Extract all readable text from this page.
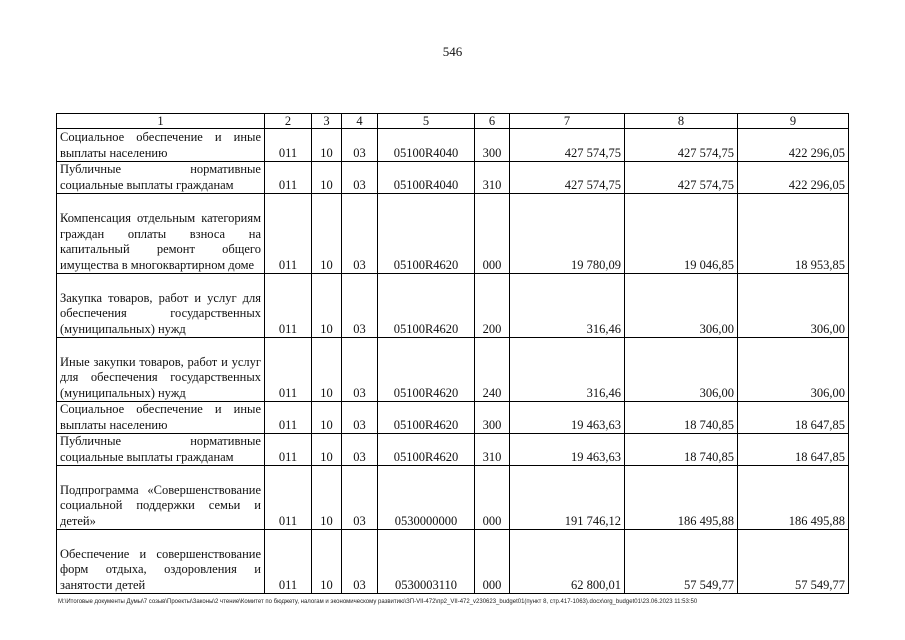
546
1	2	3	4	5	6	7	8	9
Социальное обеспечение и иные выплаты населению	011	10	03	05100R4040	300	427 574,75	427 574,75	422 296,05
Публичные нормативные социальные выплаты гражданам	011	10	03	05100R4040	310	427 574,75	427 574,75	422 296,05
Компенсация отдельным категориям граждан оплаты взноса на капитальный ремонт общего имущества в многоквартирном доме	011	10	03	05100R4620	000	19 780,09	19 046,85	18 953,85
Закупка товаров, работ и услуг для обеспечения государственных (муниципальных) нужд	011	10	03	05100R4620	200	316,46	306,00	306,00
Иные закупки товаров, работ и услуг для обеспечения государственных (муниципальных) нужд	011	10	03	05100R4620	240	316,46	306,00	306,00
Социальное обеспечение и иные выплаты населению	011	10	03	05100R4620	300	19 463,63	18 740,85	18 647,85
Публичные нормативные социальные выплаты гражданам	011	10	03	05100R4620	310	19 463,63	18 740,85	18 647,85
Подпрограмма «Совершенствование социальной поддержки семьи и детей»	011	10	03	0530000000	000	191 746,12	186 495,88	186 495,88
Обеспечение и совершенствование форм отдыха, оздоровления и занятости детей	011	10	03	0530003110	000	62 800,01	57 549,77	57 549,77
М:\Итоговые документы Думы\7 созыв\Проекты\Законы\2 чтение\Комитет по бюджету, налогам и экономическому развитию\ЗП-VII-472\пр2_VII-472_v230623_budget01(пункт 8, стр.417-1063).docx\org_budget01\23.06.2023 11:53:50
